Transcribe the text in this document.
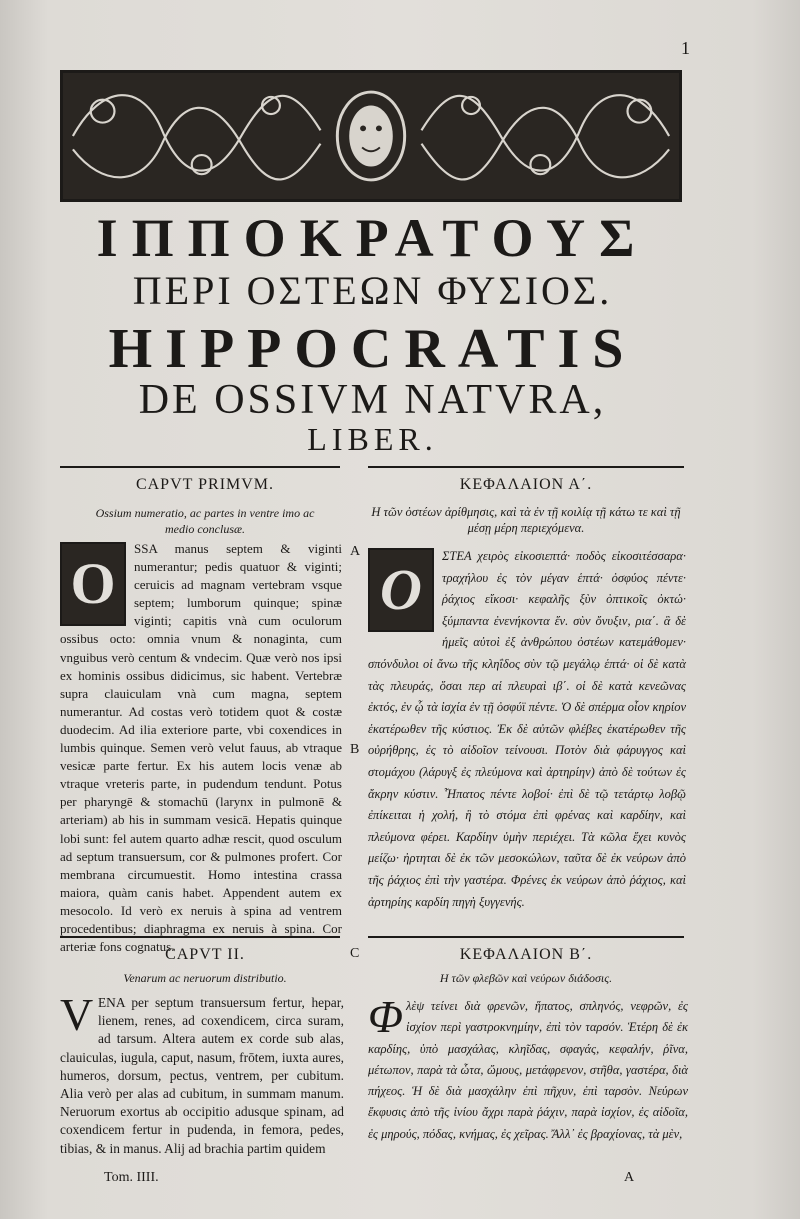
1
ΙΠΠΟΚΡΑΤΟΥΣ
ΠΕΡΙ ΟΣΤΕΩΝ ΦΥΣΙΟΣ.
HIPPOCRATIS
DE OSSIVM NATVRA,
LIBER.
CAPVT PRIMVM.
Ossium numeratio, ac partes in ventre imo ac medio conclusæ.
O
SSA manus septem & viginti numerantur; pedis quatuor & viginti; ceruicis ad magnam vertebram vsque septem; lumborum quinque; spinæ viginti; capitis vnà cum oculorum ossibus octo: omnia vnum & nonaginta, cum vnguibus verò centum & vndecim. Quæ verò nos ipsi ex hominis ossibus didicimus, sic habent. Vertebræ supra clauiculam vnà cum magna, septem numerantur. Ad costas verò totidem quot & costæ duodecim. Ad ilia exteriore parte, vbi coxendices in lumbis quinque. Semen verò velut fauus, ab vtraque vesicæ parte fertur. Ex his autem locis venæ ab vtraque vreteris parte, in pudendum tendunt. Potus per pharyngē & stomachū (larynx in pulmonē & arteriam) ab his in summam vesicā. Hepatis quinque lobi sunt: fel autem quarto adhæ rescit, quod osculum ad septum transuersum, cor & pulmones profert. Cor membrana circumuestit. Homo intestina crassa maiora, quàm canis habet. Appendent autem ex mesocolo. Id verò ex neruis à spina ad ventrem procedentibus; diaphragma ex neruis à spina. Cor arteriæ fons cognatus.
CAPVT II.
Venarum ac neruorum distributio.
V ENA per septum transuersum fertur, hepar, lienem, renes, ad coxendicem, circa suram, ad tarsum. Altera autem ex corde sub alas, clauiculas, iugula, caput, nasum, frōtem, iuxta aures, humeros, dorsum, pectus, ventrem, per cubitum. Alia verò per alas ad cubitum, in summam manum. Neruorum exortus ab occipitio adusque spinam, ad coxendicem fertur in pudenda, in femora, pedes, tibias, & in manus. Alij ad brachia partim quidem
Tom. IIII.
A
B
C
ΚΕΦΑΛΑΙΟΝ Α΄.
Η τῶν ὀστέων ἀρίθμησις, καὶ τὰ ἐν τῇ κοιλίᾳ τῇ κάτω τε καὶ τῇ μέσῃ μέρη περιεχόμενα.
Ο
ΣΤΕΑ χειρὸς εἰκοσιεπτά· ποδὸς εἰκοσιτέσσαρα· τραχήλου ἐς τὸν μέγαν ἑπτά· ὀσφύος πέντε· ῥάχιος εἴκοσι· κεφαλῆς ξὺν ὀπτικοῖς ὀκτώ· ξύμπαντα ἐνενήκοντα ἕν. σὺν ὄνυξιν, ρια΄. ἃ δὲ ἡμεῖς αὐτοὶ ἐξ ἀνθρώπου ὀστέων κατεμάθομεν· σπόνδυλοι οἱ ἄνω τῆς κληΐδος σὺν τῷ μεγάλῳ ἑπτά· οἱ δὲ κατὰ τὰς πλευράς, ὅσαι περ αἱ πλευραὶ ιβ΄. οἱ δὲ κατὰ κενεῶνας ἐκτός, ἐν ᾧ τὰ ἰσχία ἐν τῇ ὀσφύϊ πέντε. Ὁ δὲ σπέρμα οἷον κηρίον ἑκατέρωθεν τῆς κύστιος. Ἐκ δὲ αὐτῶν φλέβες ἑκατέρωθεν τῆς οὐρήθρης, ἐς τὸ αἰδοῖον τείνουσι. Ποτὸν διὰ φάρυγγος καὶ στομάχου (λάρυγξ ἐς πλεύμονα καὶ ἀρτηρίην) ἀπὸ δὲ τούτων ἐς ἄκρην κύστιν. Ἧπατος πέντε λοβοί· ἐπὶ δὲ τῷ τετάρτῳ λοβῷ ἐπίκειται ἡ χολή, ἣ τὸ στόμα ἐπὶ φρένας καὶ καρδίην, καὶ πλεύμονα φέρει. Καρδίην ὑμὴν περιέχει. Τὰ κῶλα ἔχει κυνὸς μείζω· ἠρτηται δὲ ἐκ τῶν μεσοκώλων, ταῦτα δὲ ἐκ νεύρων ἀπὸ τῆς ῥάχιος ἐπὶ τὴν γαστέρα. Φρένες ἐκ νεύρων ἀπὸ ῥάχιος, καὶ ἀρτηρίης καρδίη πηγὴ ξυγγενής.
ΚΕΦΑΛΑΙΟΝ Β΄.
Η τῶν φλεβῶν καὶ νεύρων διάδοσις.
Φ λὲψ τείνει διὰ φρενῶν, ἥπατος, σπληνός, νεφρῶν, ἐς ἰσχίον περὶ γαστροκνημίην, ἐπὶ τὸν ταρσόν. Ἑτέρη δὲ ἐκ καρδίης, ὑπὸ μασχάλας, κληῖδας, σφαγάς, κεφαλήν, ῥῖνα, μέτωπον, παρὰ τὰ ὦτα, ὤμους, μετάφρενον, στῆθα, γαστέρα, διὰ πήχεος. Ἡ δὲ διὰ μασχάλην ἐπὶ πῆχυν, ἐπὶ ταρσὸν. Νεύρων ἔκφυσις ἀπὸ τῆς ἰνίου ἄχρι παρὰ ῥάχιν, παρὰ ἰσχίον, ἐς αἰδοῖα, ἐς μηρούς, πόδας, κνήμας, ἐς χεῖρας. Ἄλλ᾽ ἐς βραχίονας, τὰ μὲν,
A
